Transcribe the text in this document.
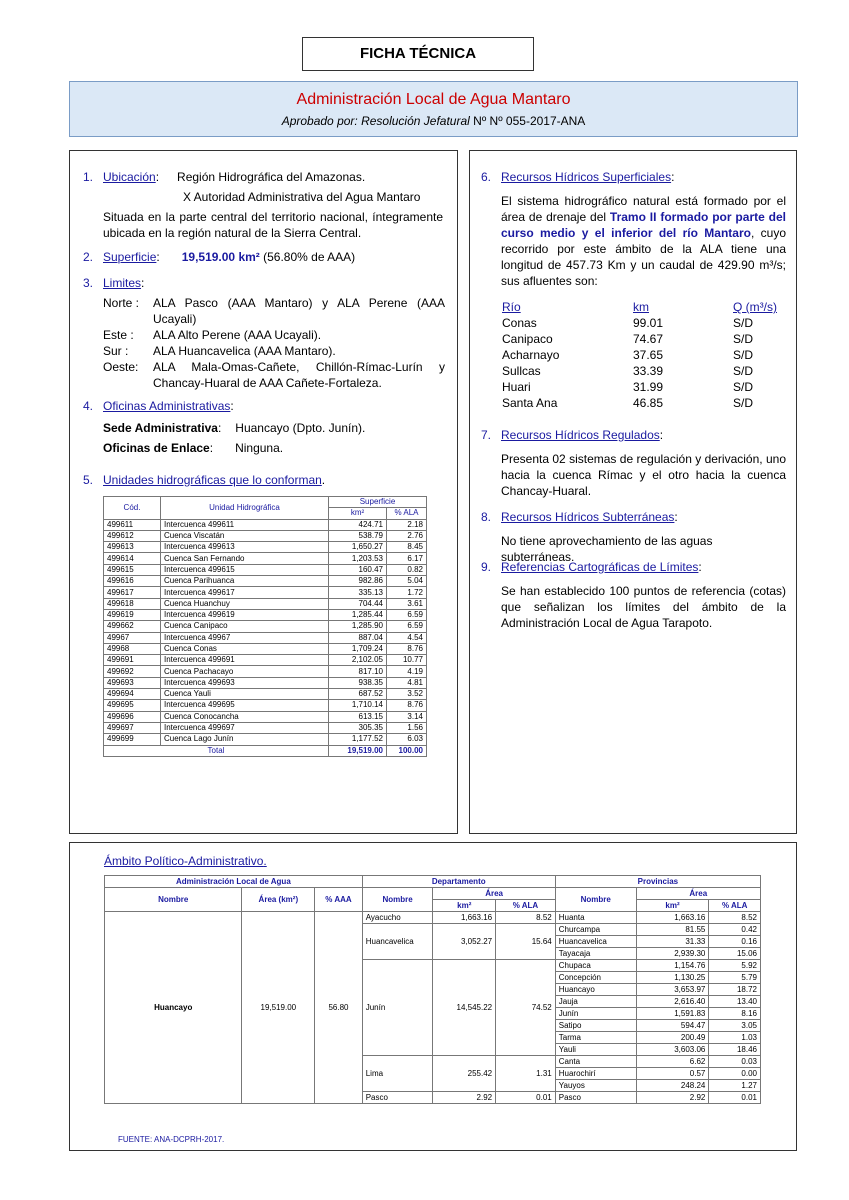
FICHA TÉCNICA
Administración Local de Agua Mantaro
Aprobado por: Resolución Jefatural Nº Nº 055-2017-ANA
1. Ubicación: Región Hidrográfica del Amazonas.
X Autoridad Administrativa del Agua Mantaro
Situada en la parte central del territorio nacional, íntegramente ubicada en la región natural de la Sierra Central.
2. Superficie: 19,519.00 km² (56.80% de AAA)
3. Limites:
Norte :	ALA Pasco (AAA Mantaro) y ALA Perene (AAA Ucayali)
Este :	ALA Alto Perene (AAA Ucayali).
Sur :	ALA Huancavelica (AAA Mantaro).
Oeste:	ALA Mala-Omas-Cañete, Chillón-Rímac-Lurín y Chancay-Huaral de AAA Cañete-Fortaleza.
4. Oficinas Administrativas:
Sede Administrativa: Huancayo (Dpto. Junín).
Oficinas de Enlace: Ninguna.
5. Unidades hidrográficas que lo conforman.
Cód.	Unidad Hidrográfica	Superficie	
		km²	% ALA
499611	Intercuenca 499611	424.71	2.18
499612	Cuenca Viscatán	538.79	2.76
499613	Intercuenca 499613	1,650.27	8.45
499614	Cuenca San Fernando	1,203.53	6.17
499615	Intercuenca 499615	160.47	0.82
499616	Cuenca Parihuanca	982.86	5.04
499617	Intercuenca 499617	335.13	1.72
499618	Cuenca Huanchuy	704.44	3.61
499619	Intercuenca 499619	1,285.44	6.59
499662	Cuenca Canipaco	1,285.90	6.59
49967	Intercuenca 49967	887.04	4.54
49968	Cuenca Conas	1,709.24	8.76
499691	Intercuenca 499691	2,102.05	10.77
499692	Cuenca Pachacayo	817.10	4.19
499693	Intercuenca 499693	938.35	4.81
499694	Cuenca Yauli	687.52	3.52
499695	Intercuenca 499695	1,710.14	8.76
499696	Cuenca Conocancha	613.15	3.14
499697	Intercuenca 499697	305.35	1.56
499699	Cuenca Lago Junín	1,177.52	6.03
Total		19,519.00	100.00
6. Recursos Hídricos Superficiales:
El sistema hidrográfico natural está formado por el área de drenaje del Tramo II formado por parte del curso medio y el inferior del río Mantaro, cuyo recorrido por este ámbito de la ALA tiene una longitud de 457.73 Km y un caudal de 429.90 m³/s; sus afluentes son:
Río	km	Q (m³/s)
Conas	99.01	S/D
Canipaco	74.67	S/D
Acharnayo	37.65	S/D
Sullcas	33.39	S/D
Huari	31.99	S/D
Santa Ana	46.85	S/D
7. Recursos Hídricos Regulados:
Presenta 02 sistemas de regulación y derivación, uno hacia la cuenca Rímac y el otro hacia la cuenca Chancay-Huaral.
8. Recursos Hídricos Subterráneas:
No tiene aprovechamiento de las aguas subterráneas.
9. Referencias Cartográficas de Límites:
Se han establecido 100 puntos de referencia (cotas) que señalizan los límites del ámbito de la Administración Local de Agua Tarapoto.
Ámbito Político-Administrativo.
Administración Local de Agua			Departamento			Provincias		
Nombre	Área (km²)	% AAA	Nombre	Área		Nombre	Área	
				km²	% ALA		km²	% ALA
Huancayo	19,519.00	56.80	Ayacucho	1,663.16	8.52	Huanta	1,663.16	8.52
			Huancavelica	3,052.27	15.64	Churcampa	81.55	0.42
						Huancavelica	31.33	0.16
						Tayacaja	2,939.30	15.06
			Junín	14,545.22	74.52	Chupaca	1,154.76	5.92
						Concepción	1,130.25	5.79
						Huancayo	3,653.97	18.72
						Jauja	2,616.40	13.40
						Junín	1,591.83	8.16
						Satipo	594.47	3.05
						Tarma	200.49	1.03
						Yauli	3,603.06	18.46
			Lima	255.42	1.31	Canta	6.62	0.03
						Huarochirí	0.57	0.00
						Yauyos	248.24	1.27
			Pasco	2.92	0.01	Pasco	2.92	0.01
FUENTE: ANA-DCPRH-2017.
